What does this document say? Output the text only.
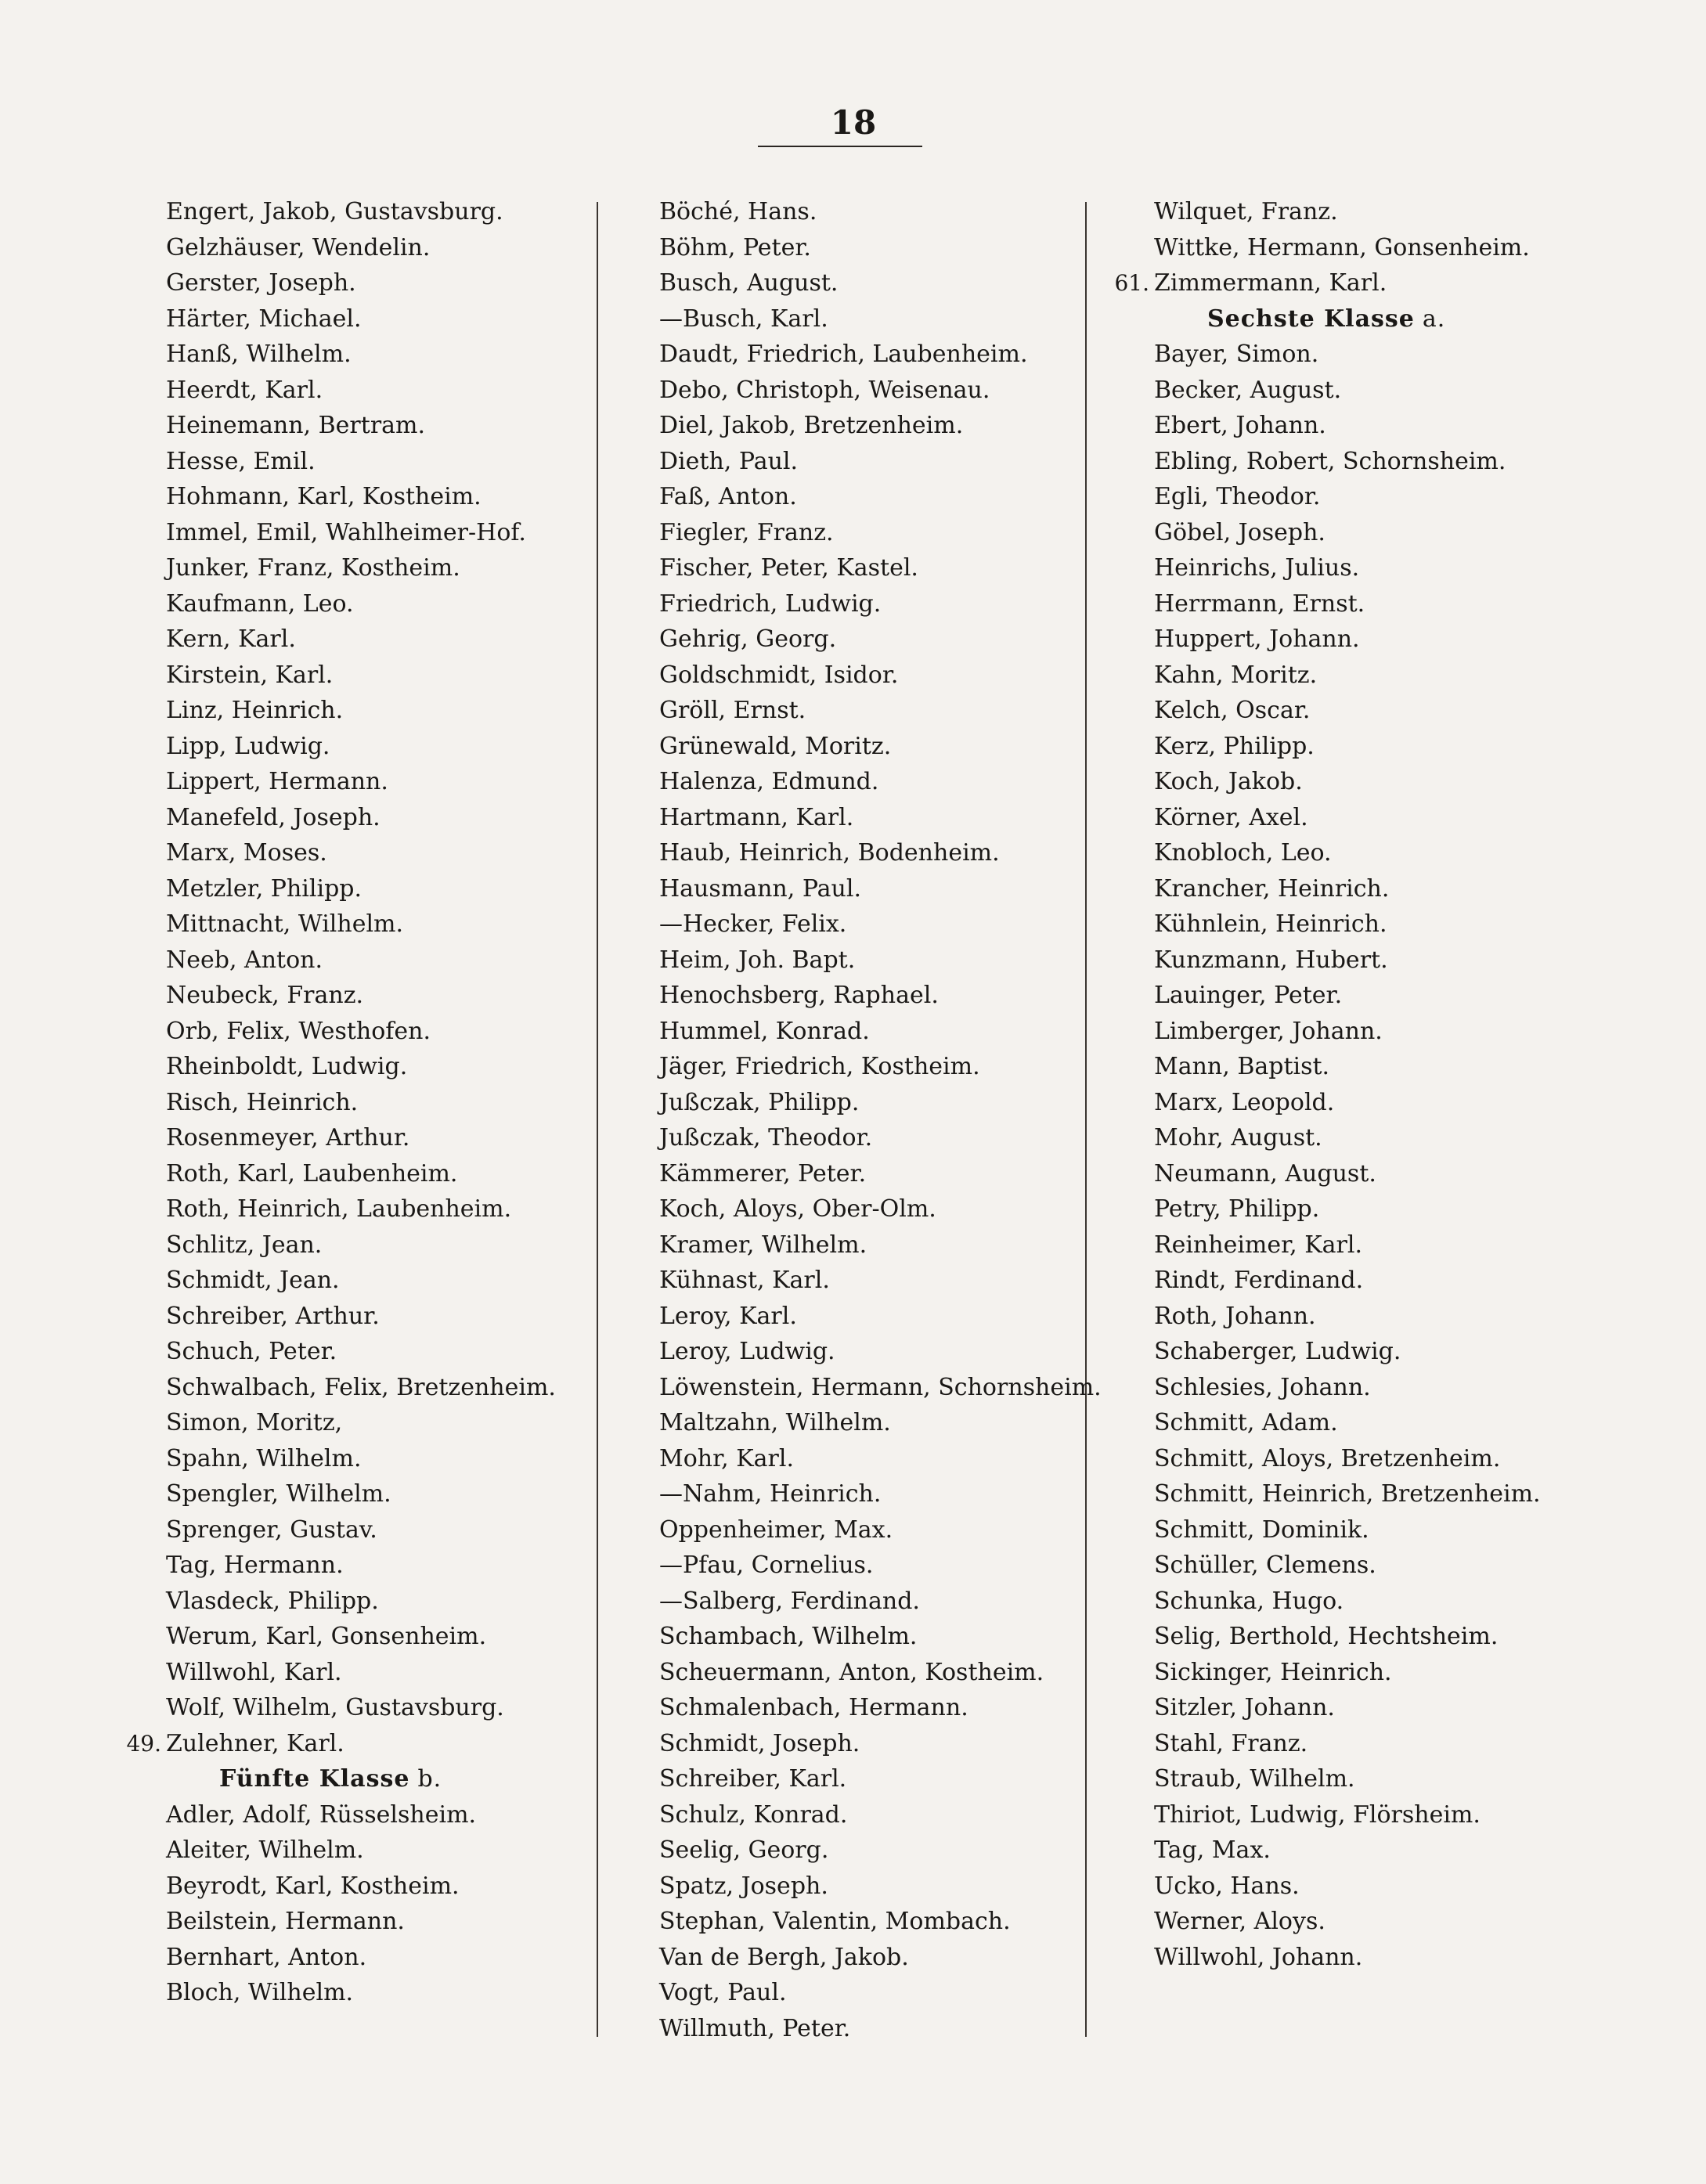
18
Engert, Jakob, Gustavsburg.
Gelzhäuser, Wendelin.
Gerster, Joseph.
Härter, Michael.
Hanß, Wilhelm.
Heerdt, Karl.
Heinemann, Bertram.
Hesse, Emil.
Hohmann, Karl, Kostheim.
Immel, Emil, Wahlheimer-Hof.
Junker, Franz, Kostheim.
Kaufmann, Leo.
Kern, Karl.
Kirstein, Karl.
Linz, Heinrich.
Lipp, Ludwig.
Lippert, Hermann.
Manefeld, Joseph.
Marx, Moses.
Metzler, Philipp.
Mittnacht, Wilhelm.
Neeb, Anton.
Neubeck, Franz.
Orb, Felix, Westhofen.
Rheinboldt, Ludwig.
Risch, Heinrich.
Rosenmeyer, Arthur.
Roth, Karl, Laubenheim.
Roth, Heinrich, Laubenheim.
Schlitz, Jean.
Schmidt, Jean.
Schreiber, Arthur.
Schuch, Peter.
Schwalbach, Felix, Bretzenheim.
Simon, Moritz,
Spahn, Wilhelm.
Spengler, Wilhelm.
Sprenger, Gustav.
Tag, Hermann.
Vlasdeck, Philipp.
Werum, Karl, Gonsenheim.
Willwohl, Karl.
Wolf, Wilhelm, Gustavsburg.
49. Zulehner, Karl.
Fünfte Klasse b.
Adler, Adolf, Rüsselsheim.
Aleiter, Wilhelm.
Beyrodt, Karl, Kostheim.
Beilstein, Hermann.
Bernhart, Anton.
Bloch, Wilhelm.
Böché, Hans.
Böhm, Peter.
Busch, August.
—Busch, Karl.
Daudt, Friedrich, Laubenheim.
Debo, Christoph, Weisenau.
Diel, Jakob, Bretzenheim.
Dieth, Paul.
Faß, Anton.
Fiegler, Franz.
Fischer, Peter, Kastel.
Friedrich, Ludwig.
Gehrig, Georg.
Goldschmidt, Isidor.
Gröll, Ernst.
Grünewald, Moritz.
Halenza, Edmund.
Hartmann, Karl.
Haub, Heinrich, Bodenheim.
Hausmann, Paul.
—Hecker, Felix.
Heim, Joh. Bapt.
Henochsberg, Raphael.
Hummel, Konrad.
Jäger, Friedrich, Kostheim.
Jußczak, Philipp.
Jußczak, Theodor.
Kämmerer, Peter.
Koch, Aloys, Ober-Olm.
Kramer, Wilhelm.
Kühnast, Karl.
Leroy, Karl.
Leroy, Ludwig.
Löwenstein, Hermann, Schornsheim.
Maltzahn, Wilhelm.
Mohr, Karl.
—Nahm, Heinrich.
Oppenheimer, Max.
—Pfau, Cornelius.
—Salberg, Ferdinand.
Schambach, Wilhelm.
Scheuermann, Anton, Kostheim.
Schmalenbach, Hermann.
Schmidt, Joseph.
Schreiber, Karl.
Schulz, Konrad.
Seelig, Georg.
Spatz, Joseph.
Stephan, Valentin, Mombach.
Van de Bergh, Jakob.
Vogt, Paul.
Willmuth, Peter.
Wilquet, Franz.
Wittke, Hermann, Gonsenheim.
61. Zimmermann, Karl.
Sechste Klasse a.
Bayer, Simon.
Becker, August.
Ebert, Johann.
Ebling, Robert, Schornsheim.
Egli, Theodor.
Göbel, Joseph.
Heinrichs, Julius.
Herrmann, Ernst.
Huppert, Johann.
Kahn, Moritz.
Kelch, Oscar.
Kerz, Philipp.
Koch, Jakob.
Körner, Axel.
Knobloch, Leo.
Krancher, Heinrich.
Kühnlein, Heinrich.
Kunzmann, Hubert.
Lauinger, Peter.
Limberger, Johann.
Mann, Baptist.
Marx, Leopold.
Mohr, August.
Neumann, August.
Petry, Philipp.
Reinheimer, Karl.
Rindt, Ferdinand.
Roth, Johann.
Schaberger, Ludwig.
Schlesies, Johann.
Schmitt, Adam.
Schmitt, Aloys, Bretzenheim.
Schmitt, Heinrich, Bretzenheim.
Schmitt, Dominik.
Schüller, Clemens.
Schunka, Hugo.
Selig, Berthold, Hechtsheim.
Sickinger, Heinrich.
Sitzler, Johann.
Stahl, Franz.
Straub, Wilhelm.
Thiriot, Ludwig, Flörsheim.
Tag, Max.
Ucko, Hans.
Werner, Aloys.
Willwohl, Johann.
